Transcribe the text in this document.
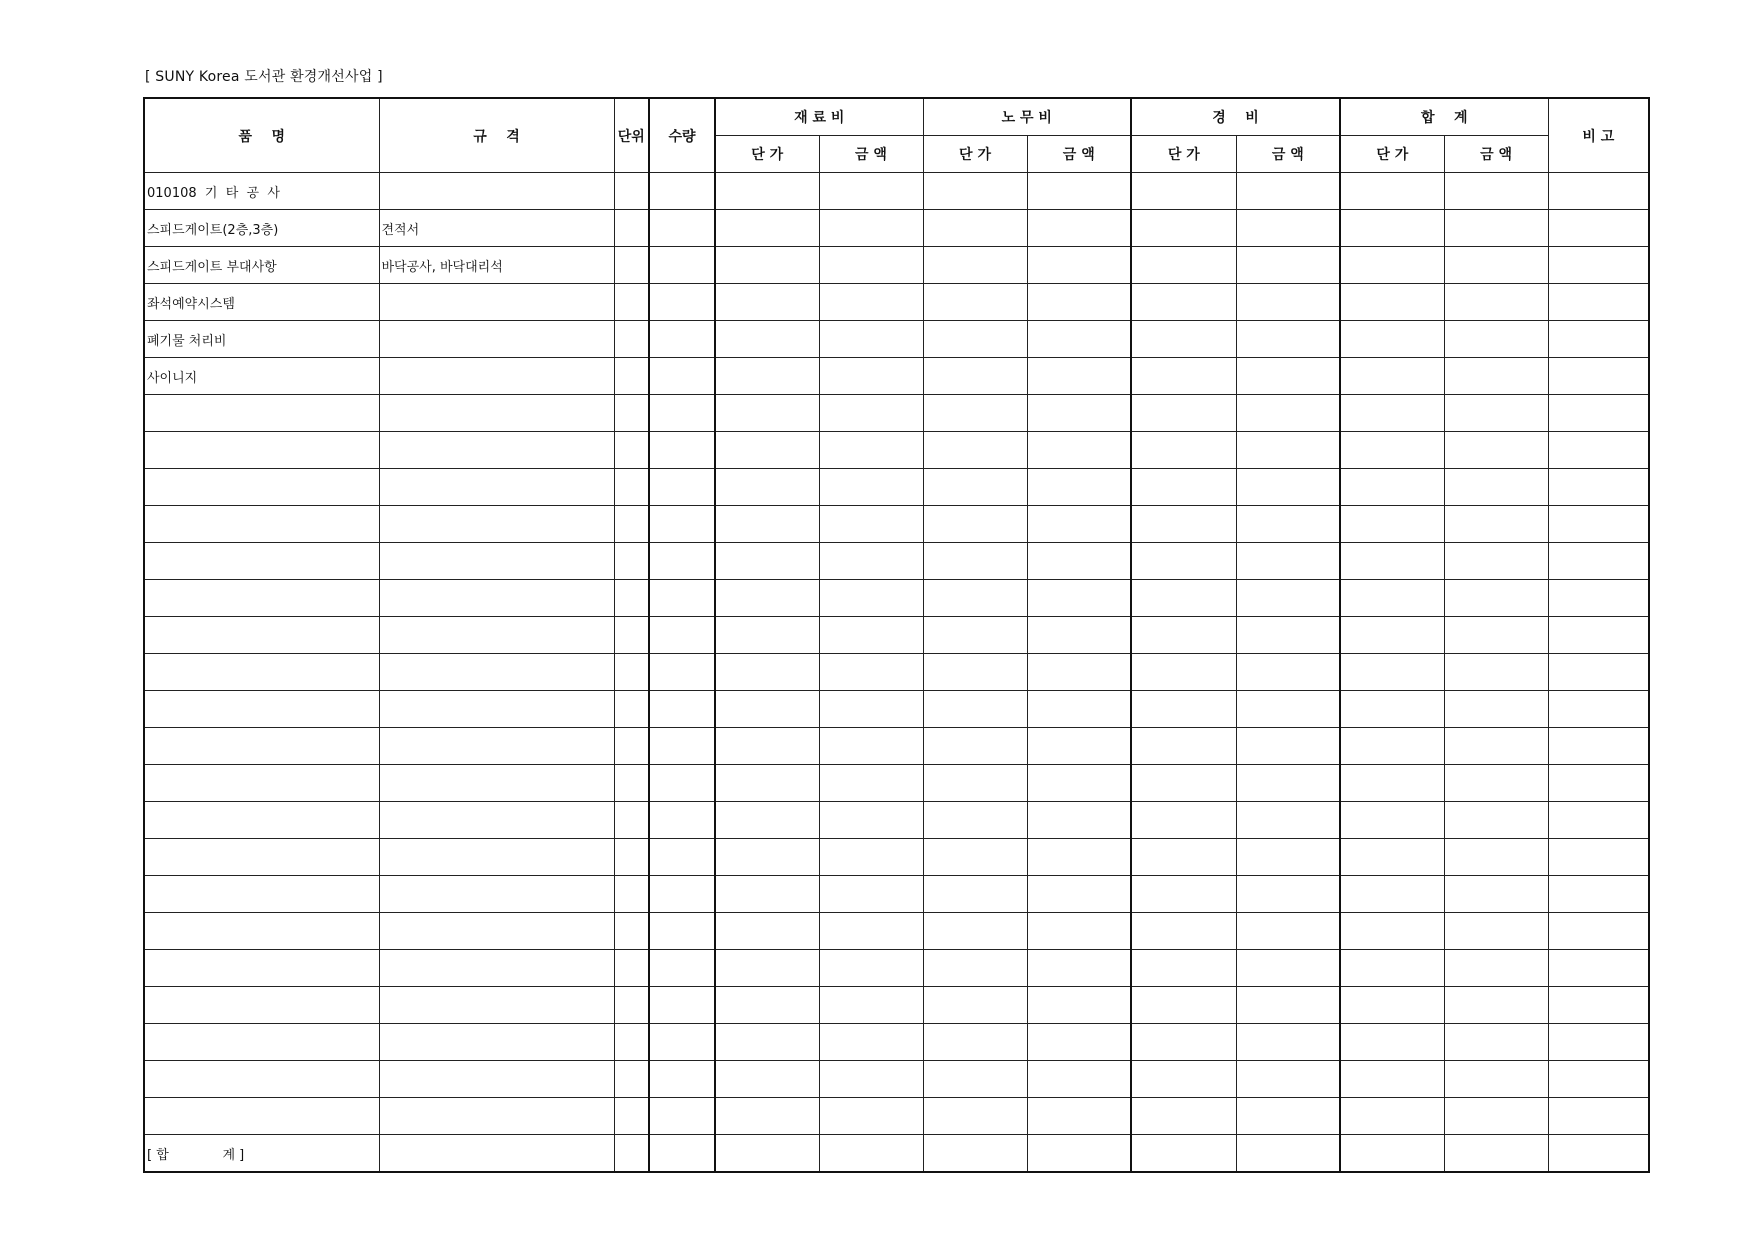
[ SUNY Korea 도서관 환경개선사업 ]
품    명	규    격	단위	수량	재 료 비		노 무 비		경    비		합    계		비 고
				단 가	금 액	단 가	금 액	단 가	금 액	단 가	금 액	
010108  기  타  공  사												
스피드게이트(2층,3층)	견적서											
스피드게이트 부대사항	바닥공사, 바닥대리석											
좌석예약시스템												
폐기물 처리비												
사이니지												

[ 합             계 ]												
